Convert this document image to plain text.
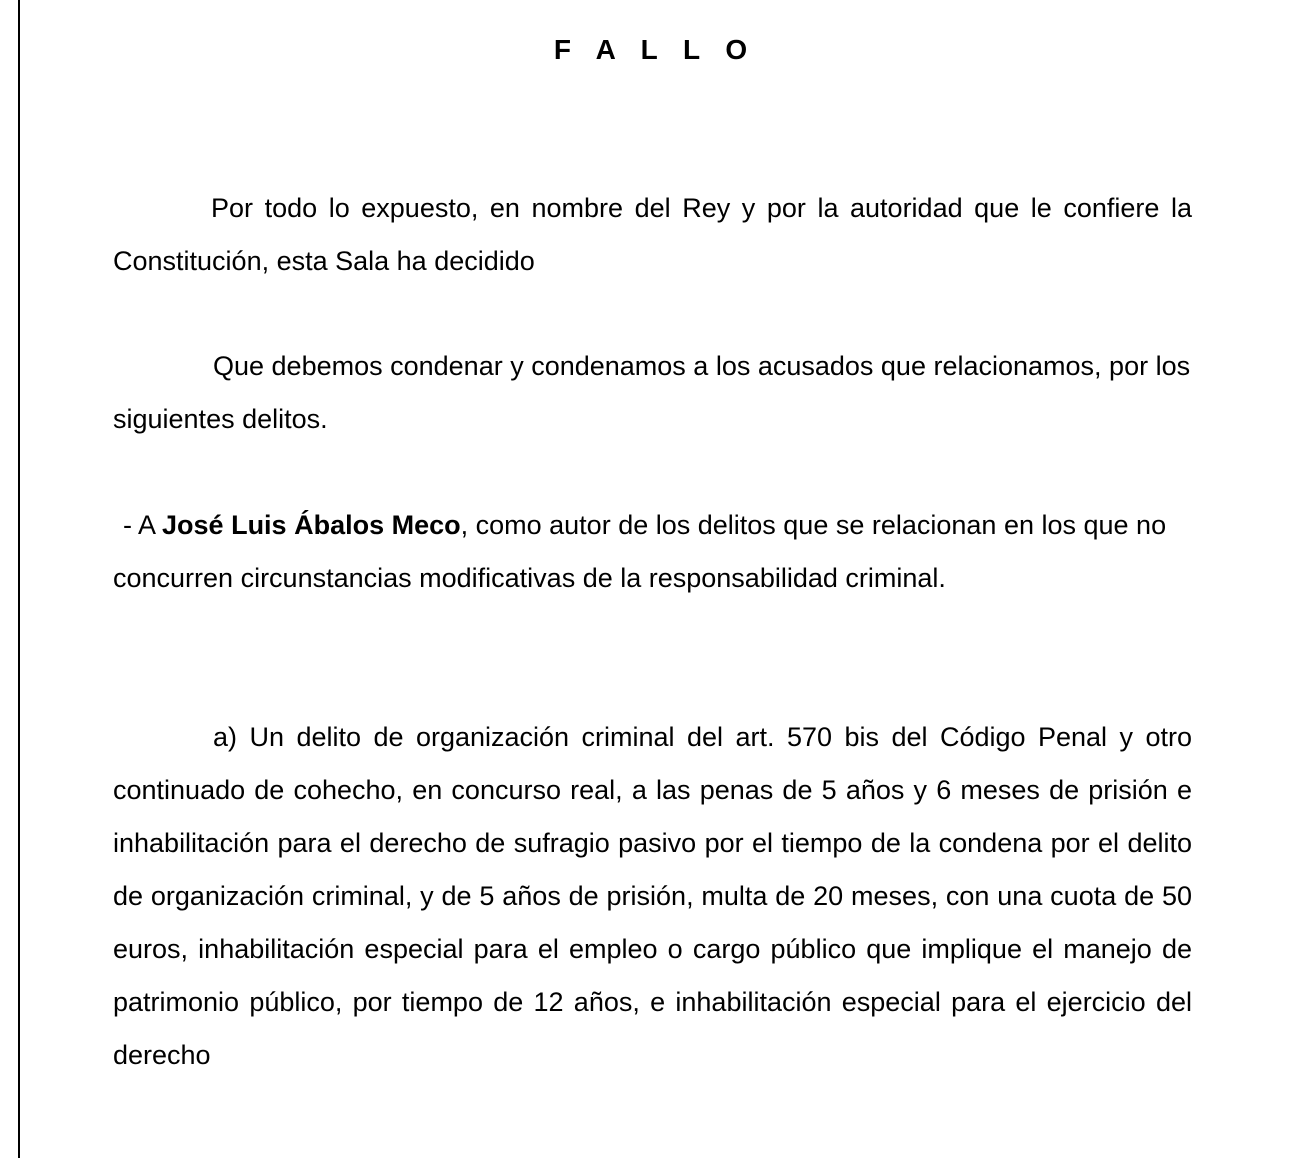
F A L L O
Por todo lo expuesto, en nombre del Rey y por la autoridad que le confiere la Constitución, esta Sala ha decidido
Que debemos condenar y condenamos a los acusados que relacionamos, por los siguientes delitos.
- A José Luis Ábalos Meco, como autor de los delitos que se relacionan en los que no concurren circunstancias modificativas de la responsabilidad criminal.
a) Un delito de organización criminal del art. 570 bis del Código Penal y otro continuado de cohecho, en concurso real, a las penas de 5 años y 6 meses de prisión e inhabilitación para el derecho de sufragio pasivo por el tiempo de la condena por el delito de organización criminal, y de 5 años de prisión, multa de 20 meses, con una cuota de 50 euros, inhabilitación especial para el empleo o cargo público que implique el manejo de patrimonio público, por tiempo de 12 años, e inhabilitación especial para el ejercicio del derecho
